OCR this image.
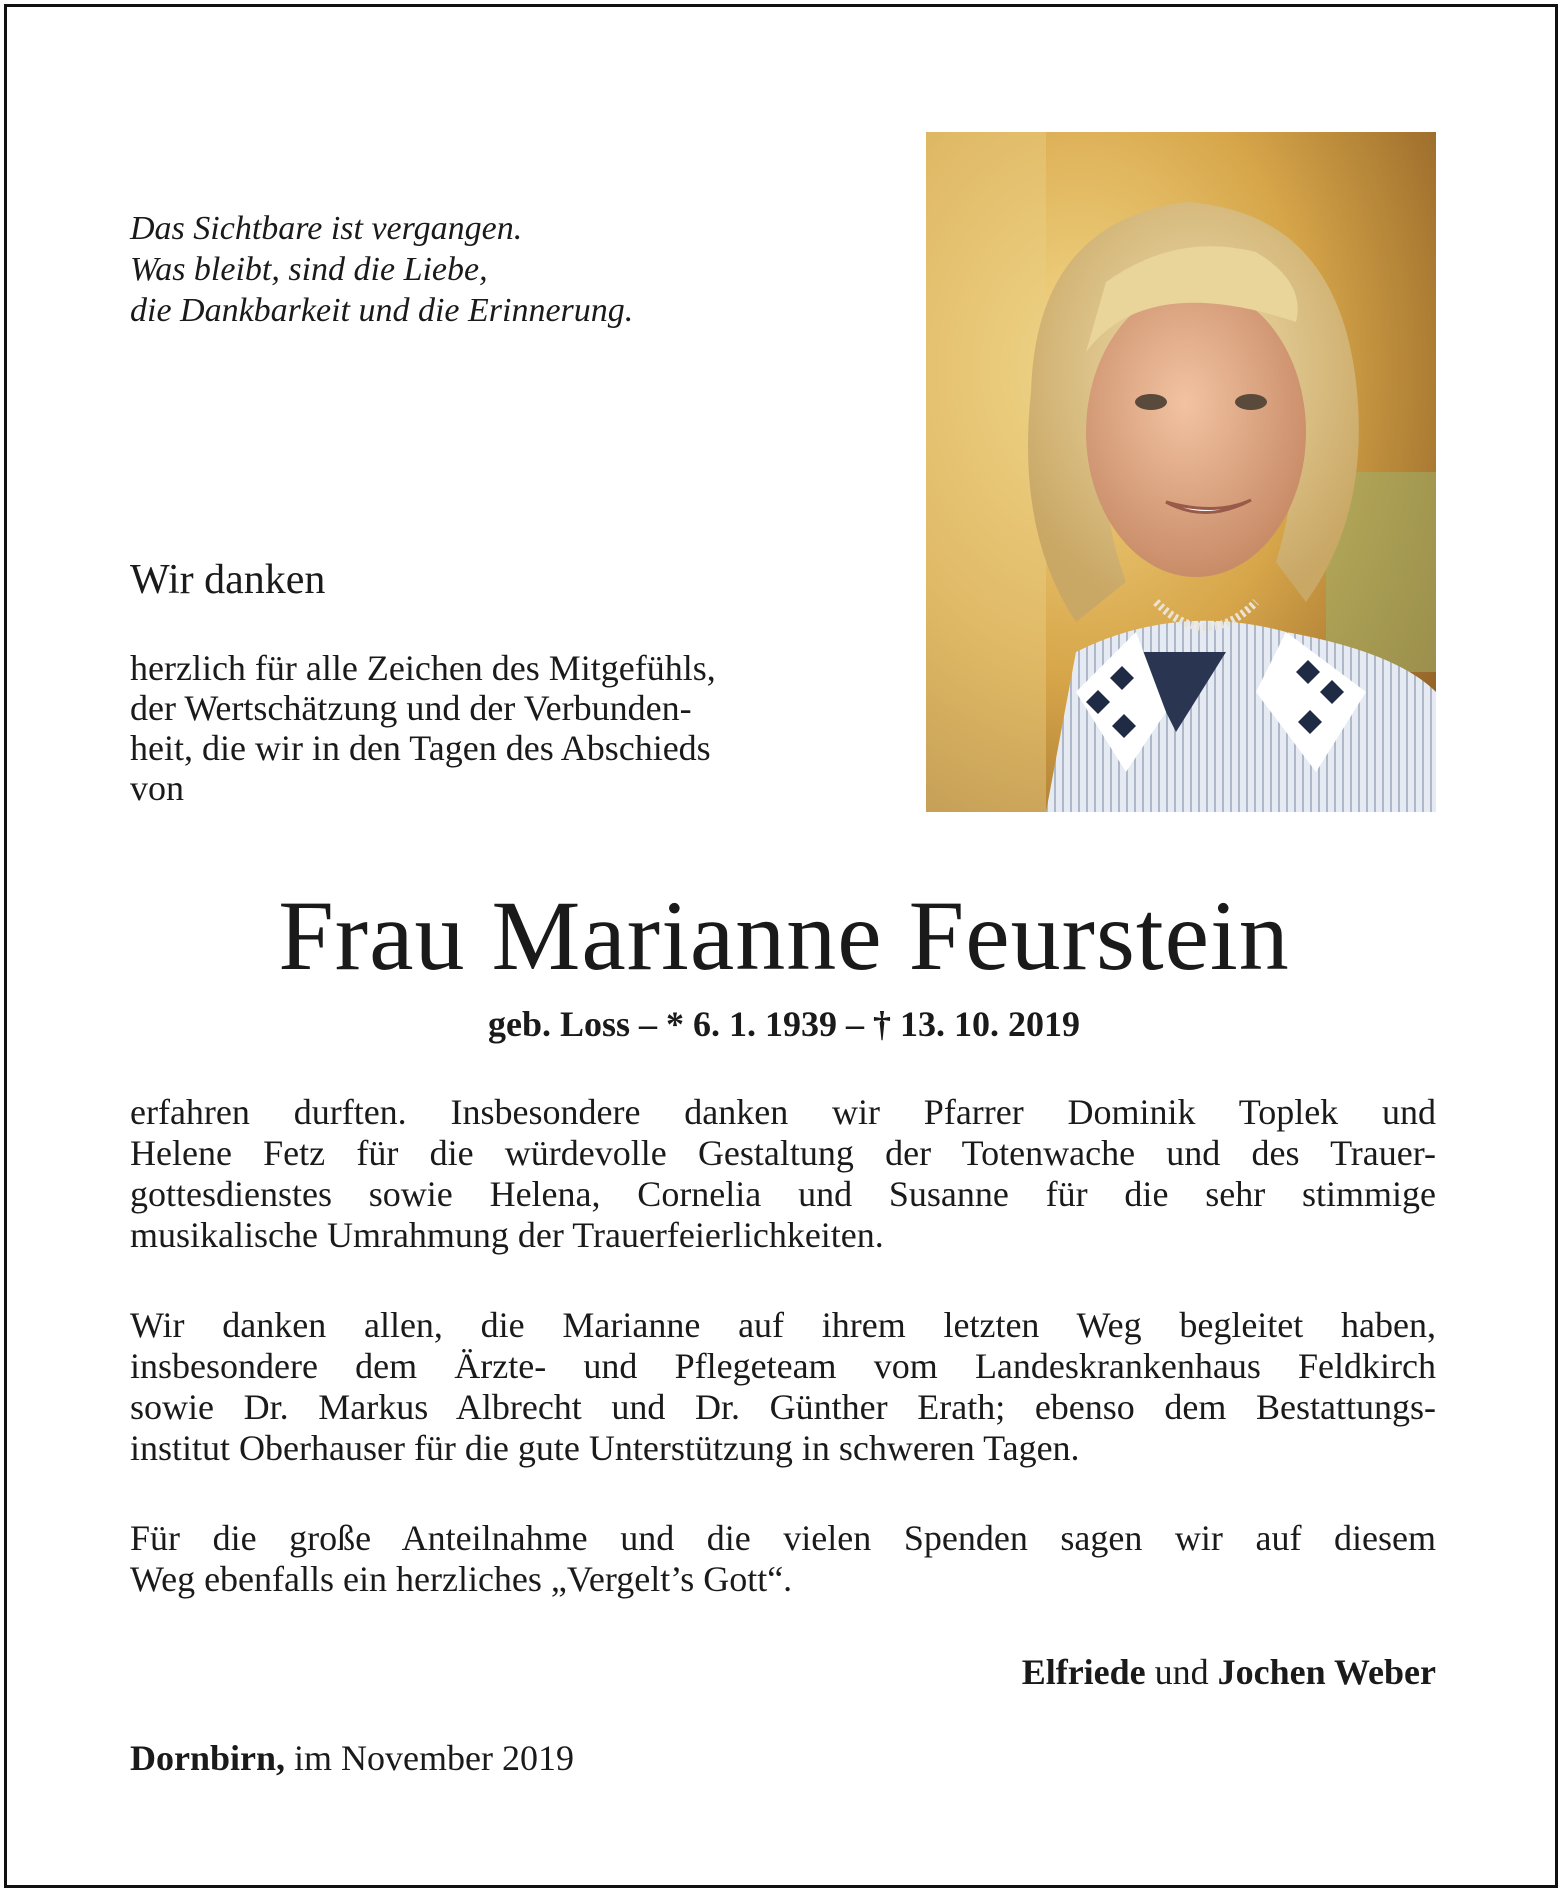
Das Sichtbare ist vergangen.
Was bleibt, sind die Liebe,
die Dankbarkeit und die Erinnerung.
Wir danken
herzlich für alle Zeichen des Mitgefühls,
der Wertschätzung und der Verbunden-
heit, die wir in den Tagen des Abschieds
von
Frau Marianne Feurstein
geb. Loss – * 6. 1. 1939 – † 13. 10. 2019
erfahren durften. Insbesondere danken wir Pfarrer Dominik Toplek und
Helene Fetz für die würdevolle Gestaltung der Totenwache und des Trauer-
gottesdienstes sowie Helena, Cornelia und Susanne für die sehr stimmige
musikalische Umrahmung der Trauerfeierlichkeiten.
Wir danken allen, die Marianne auf ihrem letzten Weg begleitet haben,
insbesondere dem Ärzte- und Pflegeteam vom Landeskrankenhaus Feldkirch
sowie Dr. Markus Albrecht und Dr. Günther Erath; ebenso dem Bestattungs-
institut Oberhauser für die gute Unterstützung in schweren Tagen.
Für die große Anteilnahme und die vielen Spenden sagen wir auf diesem
Weg ebenfalls ein herzliches „Vergelt’s Gott“.
Elfriede und Jochen Weber
Dornbirn, im November 2019
